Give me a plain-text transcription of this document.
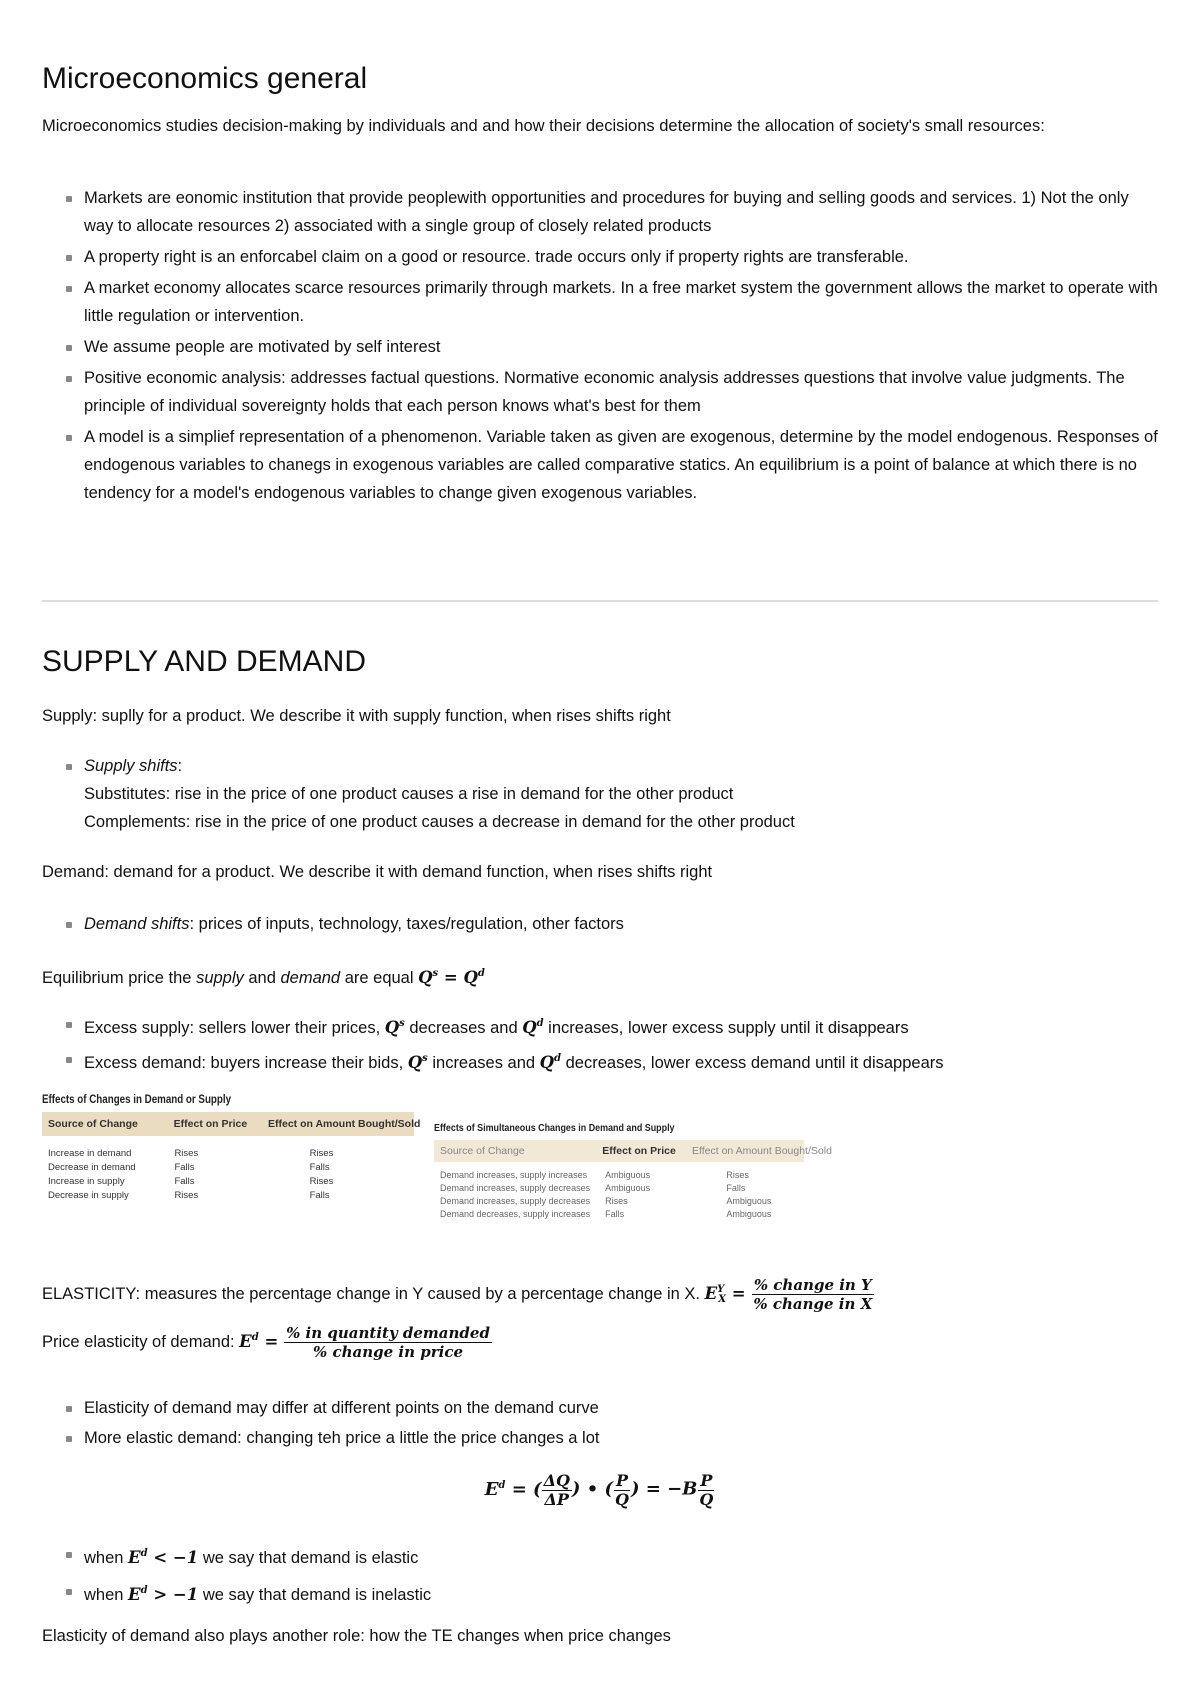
Microeconomics general

Microeconomics studies decision-making by individuals and and how their decisions determine the allocation of society's small resources:

Markets are eonomic institution that provide peoplewith opportunities and procedures for buying and selling goods and services. 1) Not the only way to allocate resources 2) associated with a single group of closely related products
A property right is an enforcabel claim on a good or resource. trade occurs only if property rights are transferable.
A market economy allocates scarce resources primarily through markets. In a free market system the government allows the market to operate with little regulation or intervention.
We assume people are motivated by self interest
Positive economic analysis: addresses factual questions. Normative economic analysis addresses questions that involve value judgments. The principle of individual sovereignty holds that each person knows what's best for them
A model is a simplief representation of a phenomenon. Variable taken as given are exogenous, determine by the model endogenous. Responses of endogenous variables to chanegs in exogenous variables are called comparative statics. An equilibrium is a point of balance at which there is no tendency for a model's endogenous variables to change given exogenous variables.
SUPPLY AND DEMAND

Supply: suplly for a product. We describe it with supply function, when rises shifts right

Supply shifts:
Substitutes: rise in the price of one product causes a rise in demand for the other product
Complements: rise in the price of one product causes a decrease in demand for the other product

Demand: demand for a product. We describe it with demand function, when rises shifts right

Demand shifts: prices of inputs, technology, taxes/regulation, other factors

Equilibrium price the supply and demand are equal $Q^s = Q^d$

Excess supply: sellers lower their prices, $Q^s$ decreases and $Q^d$ increases, lower excess supply until it disappears
Excess demand: buyers increase their bids, $Q^s$ increases and $Q^d$ decreases, lower excess demand until it disappears
Effects of Changes in Demand or Supply
Source of Change	Effect on Price	Effect on Amount Bought/Sold
Increase in demand	Rises	Rises
Decrease in demand	Falls	Falls
Increase in supply	Falls	Rises
Decrease in supply	Rises	Falls
Effects of Simultaneous Changes in Demand and Supply
Source of Change	Effect on Price	Effect on Amount Bought/Sold
Demand increases, supply increases	Ambiguous	Rises
Demand increases, supply decreases	Ambiguous	Falls
Demand increases, supply decreases	Rises	Ambiguous
Demand decreases, supply increases	Falls	Ambiguous

ELASTICITY: measures the percentage change in Y caused by a percentage change in X. $E^Y_X = \frac{\text{\% change in Y}}{\text{\% change in X}}$

Price elasticity of demand: $E^d = \frac{\text{\% in quantity demanded}}{\text{\% change in price}}$

Elasticity of demand may differ at different points on the demand curve
More elastic demand: changing teh price a little the price changes a lot
$E^d$ = ( $\frac{\Delta Q}{\Delta P}$ ) • ( $\frac{P}{Q}$ ) = $-B \frac{P}{Q}$
when $E^d < -1$ we say that demand is elastic
when $E^d > -1$ we say that demand is inelastic

Elasticity of demand also plays another role: how the TE changes when price changes
